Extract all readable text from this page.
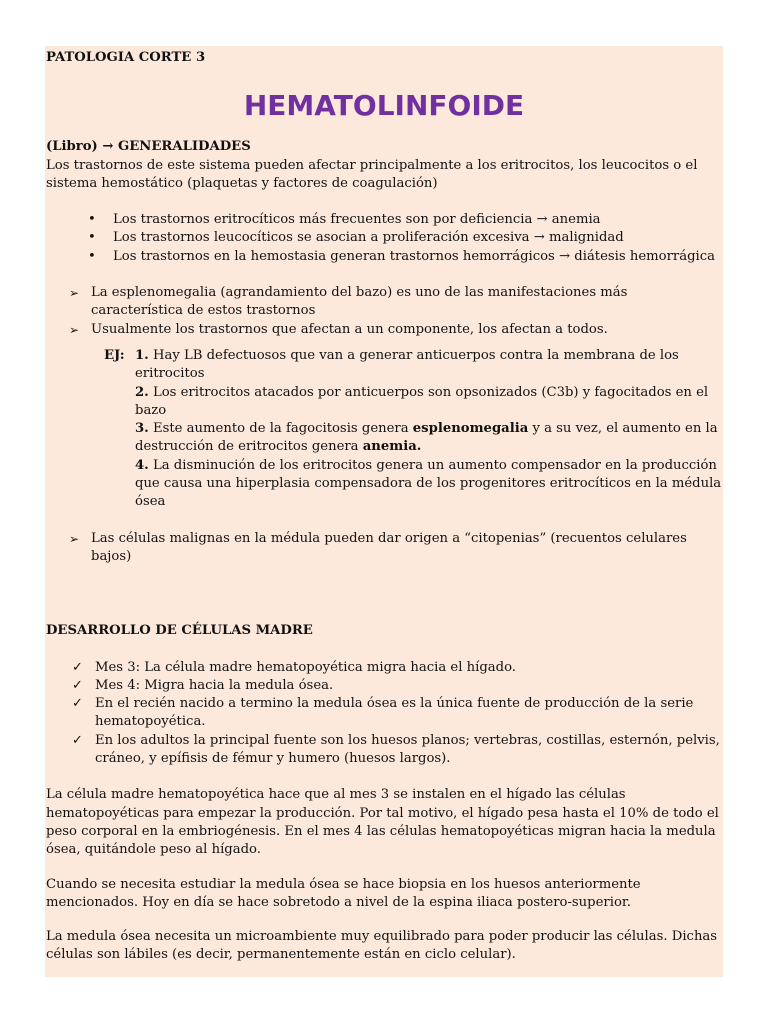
PATOLOGIA CORTE 3
HEMATOLINFOIDE
(Libro) → GENERALIDADES
Los trastornos de este sistema pueden afectar principalmente a los eritrocitos, los leucocitos o el sistema hemostático (plaquetas y factores de coagulación)
• Los trastornos eritrocíticos más frecuentes son por deficiencia → anemia
• Los trastornos leucocíticos se asocian a proliferación excesiva → malignidad
• Los trastornos en la hemostasia generan trastornos hemorrágicos → diátesis hemorrágica
➢ La esplenomegalia (agrandamiento del bazo) es uno de las manifestaciones más característica de estos trastornos
➢ Usualmente los trastornos que afectan a un componente, los afectan a todos.
EJ: 1. Hay LB defectuosos que van a generar anticuerpos contra la membrana de los eritrocitos

2. Los eritrocitos atacados por anticuerpos son opsonizados (C3b) y fagocitados en el bazo

3. Este aumento de la fagocitosis genera esplenomegalia y a su vez, el aumento en la destrucción de eritrocitos genera anemia.

4. La disminución de los eritrocitos genera un aumento compensador en la producción que causa una hiperplasia compensadora de los progenitores eritrocíticos en la médula ósea

➢ Las células malignas en la médula pueden dar origen a “citopenias” (recuentos celulares bajos)
DESARROLLO DE CÉLULAS MADRE
✓ Mes 3: La célula madre hematopoyética migra hacia el hígado.
✓ Mes 4: Migra hacia la medula ósea.
✓ En el recién nacido a termino la medula ósea es la única fuente de producción de la serie hematopoyética.
✓ En los adultos la principal fuente son los huesos planos; vertebras, costillas, esternón, pelvis, cráneo, y epífisis de fémur y humero (huesos largos).

La célula madre hematopoyética hace que al mes 3 se instalen en el hígado las células hematopoyéticas para empezar la producción. Por tal motivo, el hígado pesa hasta el 10% de todo el peso corporal en la embriogénesis. En el mes 4 las células hematopoyéticas migran hacia la medula ósea, quitándole peso al hígado.

Cuando se necesita estudiar la medula ósea se hace biopsia en los huesos anteriormente mencionados. Hoy en día se hace sobretodo a nivel de la espina iliaca postero-superior.

La medula ósea necesita un microambiente muy equilibrado para poder producir las células. Dichas células son lábiles (es decir, permanentemente están en ciclo celular).
